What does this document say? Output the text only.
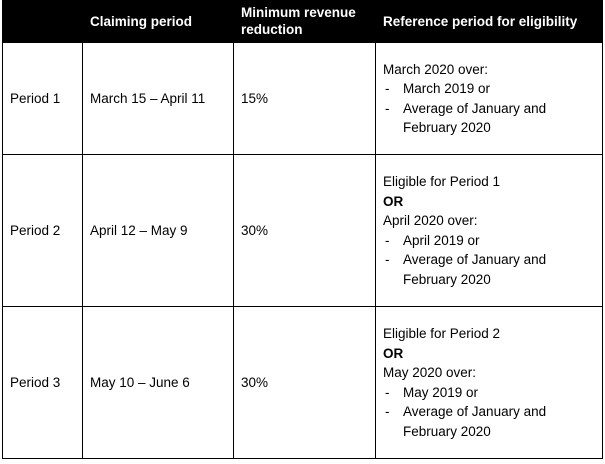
	Claiming period	Minimum revenue reduction	Reference period for eligibility
Period 1	March 15 – April 11	15%	
March 2020 over:
- March 2019 or
- Average of January and February 2020

Period 2	April 12 – May 9	30%	
Eligible for Period 1
OR
April 2020 over:
- April 2019 or
- Average of January and February 2020

Period 3	May 10 – June 6	30%	
Eligible for Period 2
OR
May 2020 over:
- May 2019 or
- Average of January and February 2020
